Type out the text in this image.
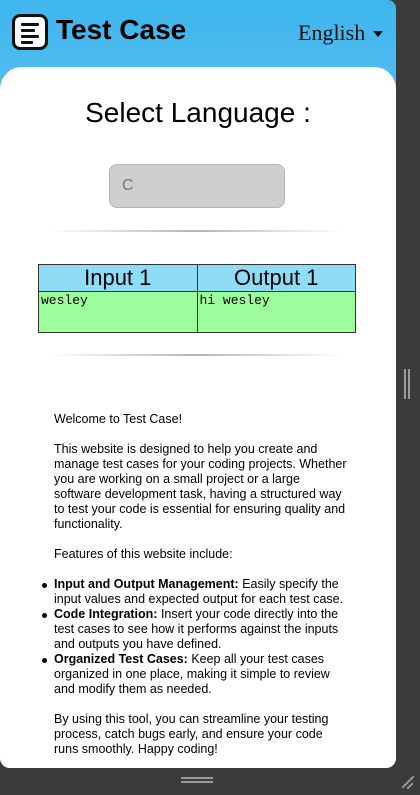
Test Case	English
Select Language :
C
Input 1	Output 1
wesley	hi wesley

Welcome to Test Case!

This website is designed to help you create and manage test cases for your coding projects. Whether you are working on a small project or a large software development task, having a structured way to test your code is essential for ensuring quality and functionality.

Features of this website include:

Input and Output Management: Easily specify the input values and expected output for each test case.
Code Integration: Insert your code directly into the test cases to see how it performs against the inputs and outputs you have defined.
Organized Test Cases: Keep all your test cases organized in one place, making it simple to review and modify them as needed.

By using this tool, you can streamline your testing process, catch bugs early, and ensure your code runs smoothly. Happy coding!
